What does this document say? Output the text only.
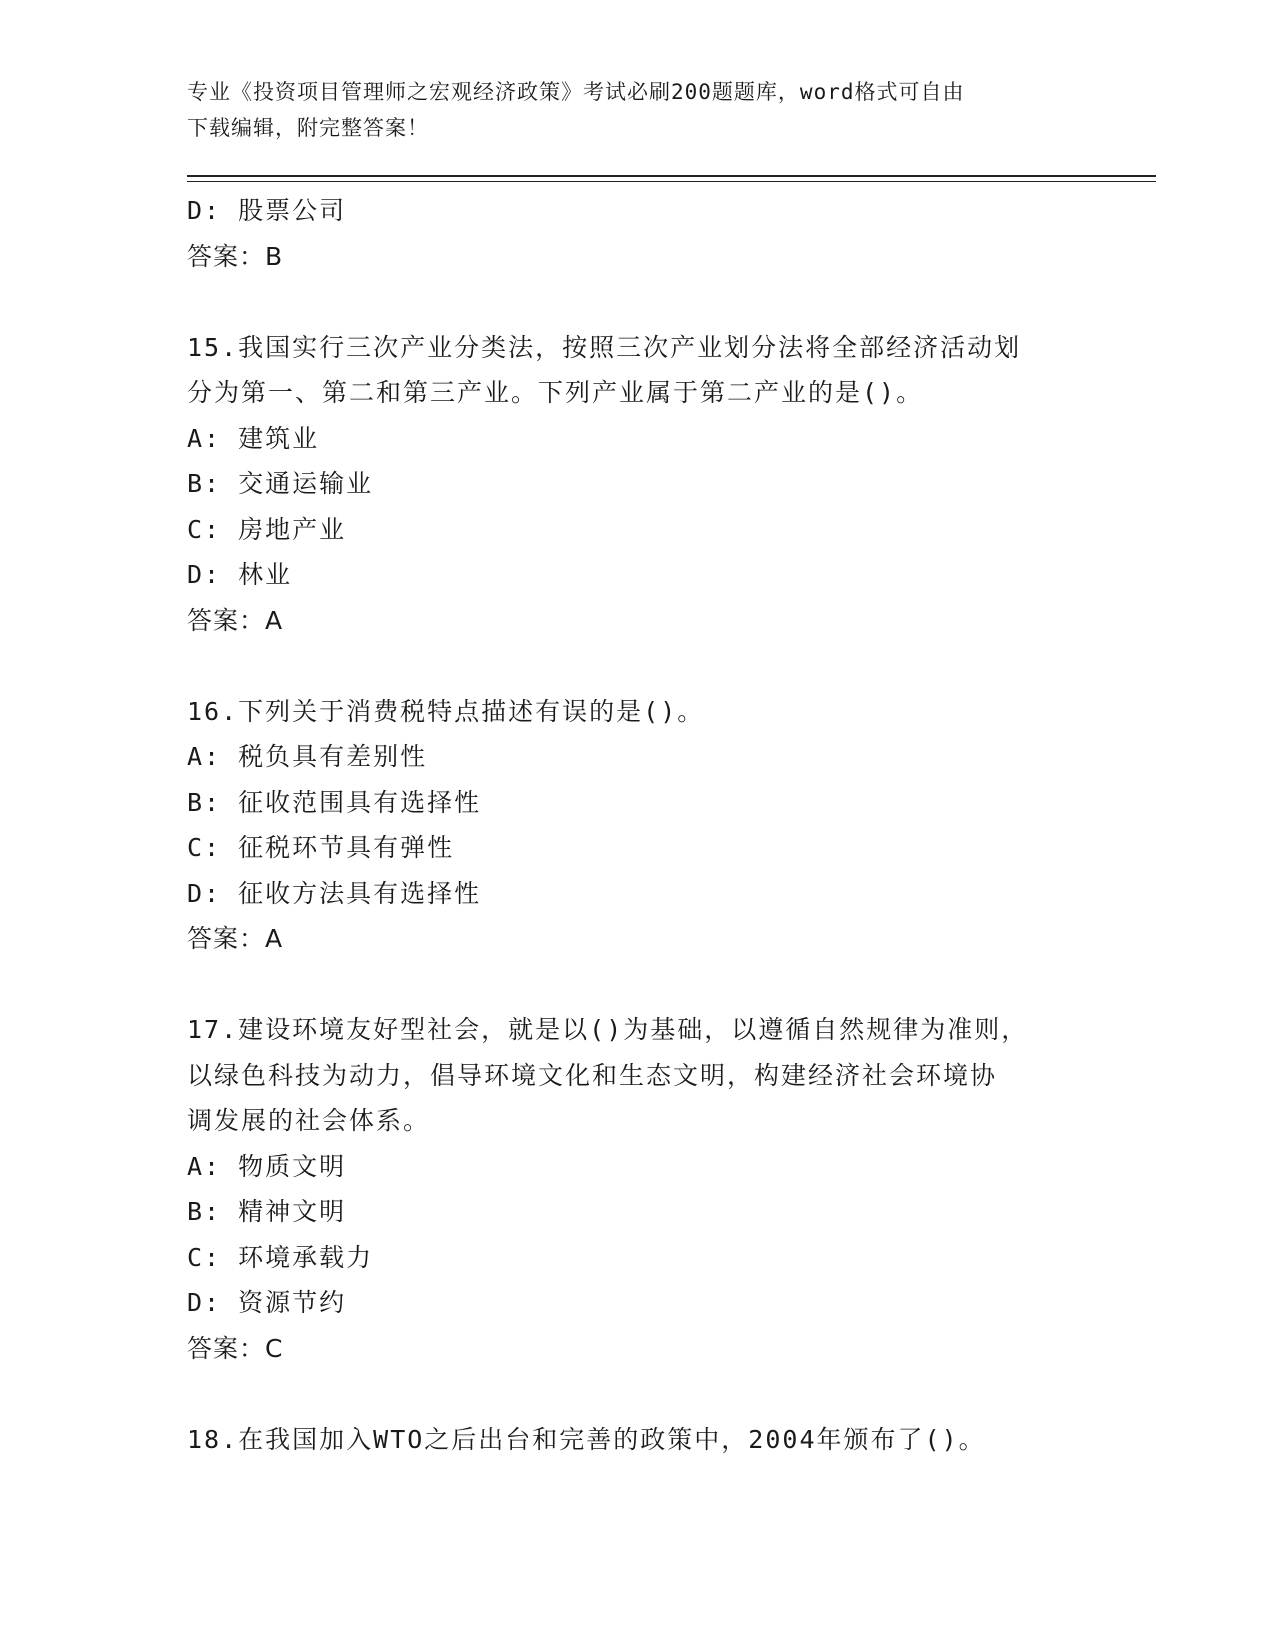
专业《投资项目管理师之宏观经济政策》考试必刷200题题库，word格式可自由
下载编辑，附完整答案！
D: 股票公司
答案：B
15.我国实行三次产业分类法，按照三次产业划分法将全部经济活动划
分为第一、第二和第三产业。下列产业属于第二产业的是()。
A: 建筑业
B: 交通运输业
C: 房地产业
D: 林业
答案：A
16.下列关于消费税特点描述有误的是()。
A: 税负具有差别性
B: 征收范围具有选择性
C: 征税环节具有弹性
D: 征收方法具有选择性
答案：A
17.建设环境友好型社会，就是以()为基础，以遵循自然规律为准则，
以绿色科技为动力，倡导环境文化和生态文明，构建经济社会环境协
调发展的社会体系。
A: 物质文明
B: 精神文明
C: 环境承载力
D: 资源节约
答案：C
18.在我国加入WTO之后出台和完善的政策中，2004年颁布了()。
